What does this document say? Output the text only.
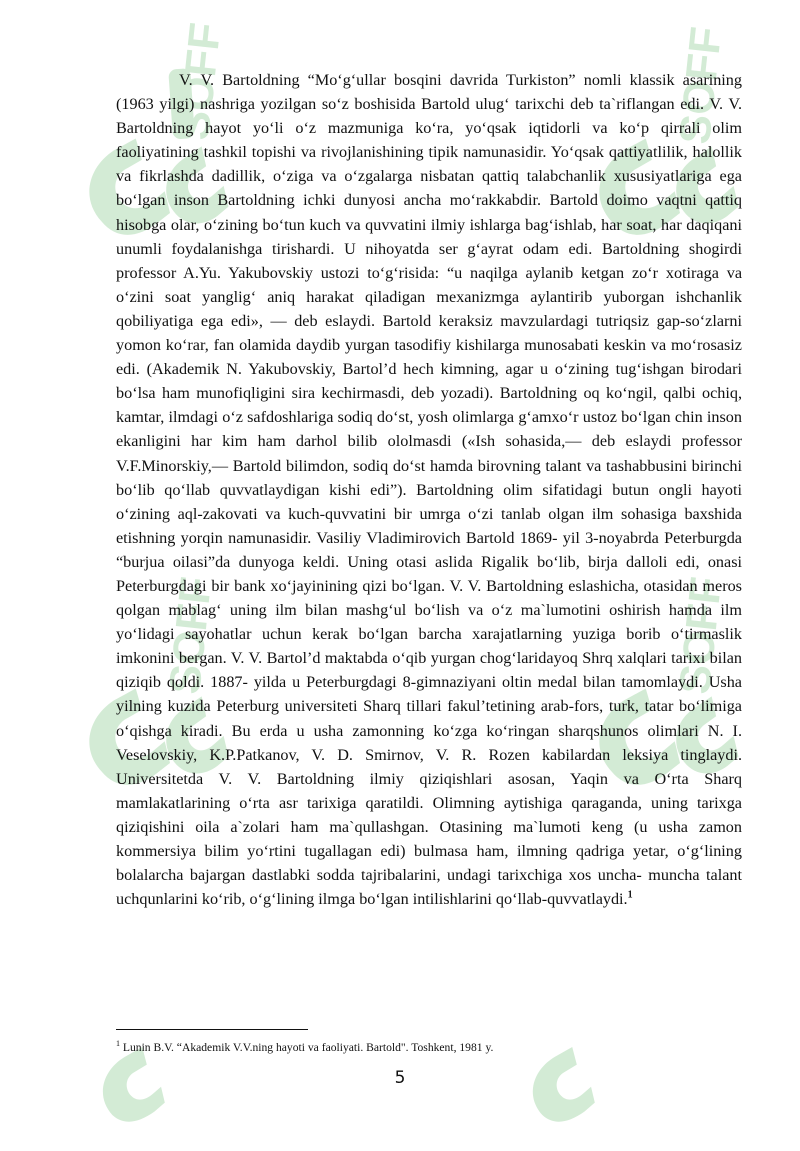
SOFF	SOFF
SOFF	SOFF

V. V. Bartoldning “Mo‘g‘ullar bosqini davrida Turkiston” nomli klassik asarining (1963 yilgi) nashriga yozilgan so‘z boshisida Bartold ulug‘ tarixchi deb ta`riflangan edi. V. V. Bartoldning hayot yo‘li o‘z mazmuniga ko‘ra, yo‘qsak iqtidorli va ko‘p qirrali olim faoliyatining tashkil topishi va rivojlanishining tipik namunasidir. Yo‘qsak qattiyatlilik, halollik va fikrlashda dadillik, o‘ziga va o‘zgalarga nisbatan qattiq talabchanlik xususiyatlariga ega bo‘lgan inson Bartoldning ichki dunyosi ancha mo‘rakkabdir. Bartold doimo vaqtni qattiq hisobga olar, o‘zining bo‘tun kuch va quvvatini ilmiy ishlarga bag‘ishlab, har soat, har daqiqani unumli foydalanishga tirishardi. U nihoyatda ser g‘ayrat odam edi. Bartoldning shogirdi professor A.Yu. Yakubovskiy ustozi to‘g‘risida: “u naqilga aylanib ketgan zo‘r xotiraga va o‘zini soat yanglig‘ aniq harakat qiladigan mexanizmga aylantirib yuborgan ishchanlik qobiliyatiga ega edi», — deb eslaydi. Bartold keraksiz mavzulardagi tutriqsiz gap-so‘zlarni yomon ko‘rar, fan olamida daydib yurgan tasodifiy kishilarga munosabati keskin va mo‘rosasiz edi. (Akademik N. Yakubovskiy, Bartol’d hech kimning, agar u o‘zining tug‘ishgan birodari bo‘lsa ham munofiqligini sira kechirmasdi, deb yozadi). Bartoldning oq ko‘ngil, qalbi ochiq, kamtar, ilmdagi o‘z safdoshlariga sodiq do‘st, yosh olimlarga g‘amxo‘r ustoz bo‘lgan chin inson ekanligini har kim ham darhol bilib ololmasdi («Ish sohasida,— deb eslaydi professor V.F.Minorskiy,— Bartold bilimdon, sodiq do‘st hamda birovning talant va tashabbusini birinchi bo‘lib qo‘llab quvvatlaydigan kishi edi”). Bartoldning olim sifatidagi butun ongli hayoti o‘zining aql-zakovati va kuch-quvvatini bir umrga o‘zi tanlab olgan ilm sohasiga baxshida etishning yorqin namunasidir. Vasiliy Vladimirovich Bartold 1869- yil 3-noyabrda Peterburgda “burjua oilasi”da dunyoga keldi. Uning otasi aslida Rigalik bo‘lib, birja dalloli edi, onasi Peterburgdagi bir bank xo‘jayinining qizi bo‘lgan. V. V. Bartoldning eslashicha, otasidan meros qolgan mablag‘ uning ilm bilan mashg‘ul bo‘lish va o‘z ma`lumotini oshirish hamda ilm yo‘lidagi sayohatlar uchun kerak bo‘lgan barcha xarajatlarning yuziga borib o‘tirmaslik imkonini bergan. V. V. Bartol’d maktabda o‘qib yurgan chog‘laridayoq Shrq xalqlari tarixi bilan qiziqib qoldi. 1887- yilda u Peterburgdagi 8-gimnaziyani oltin medal bilan tamomlaydi. Usha yilning kuzida Peterburg universiteti Sharq tillari fakul’tetining arab-fors, turk, tatar bo‘limiga o‘qishga kiradi. Bu erda u usha zamonning ko‘zga ko‘ringan sharqshunos olimlari N. I. Veselovskiy, K.P.Patkanov, V. D. Smirnov, V. R. Rozen kabilardan leksiya tinglaydi. Universitetda V. V. Bartoldning ilmiy qiziqishlari asosan, Yaqin va O‘rta Sharq mamlakatlarining o‘rta asr tarixiga qaratildi. Olimning aytishiga qaraganda, uning tarixga qiziqishini oila a`zolari ham ma`qullashgan. Otasining ma`lumoti keng (u usha zamon kommersiya bilim yo‘rtini tugallagan edi) bulmasa ham, ilmning qadriga yetar, o‘g‘lining bolalarcha bajargan dastlabki sodda tajribalarini, undagi tarixchiga xos uncha- muncha talant uchqunlarini ko‘rib, o‘g‘lining ilmga bo‘lgan intilishlarini qo‘llab-quvvatlaydi.$^1$

$^1$ Lunin B.V. “Akademik V.V.ning hayoti va faoliyati. Bartold". Toshkent, 1981 y.

5
